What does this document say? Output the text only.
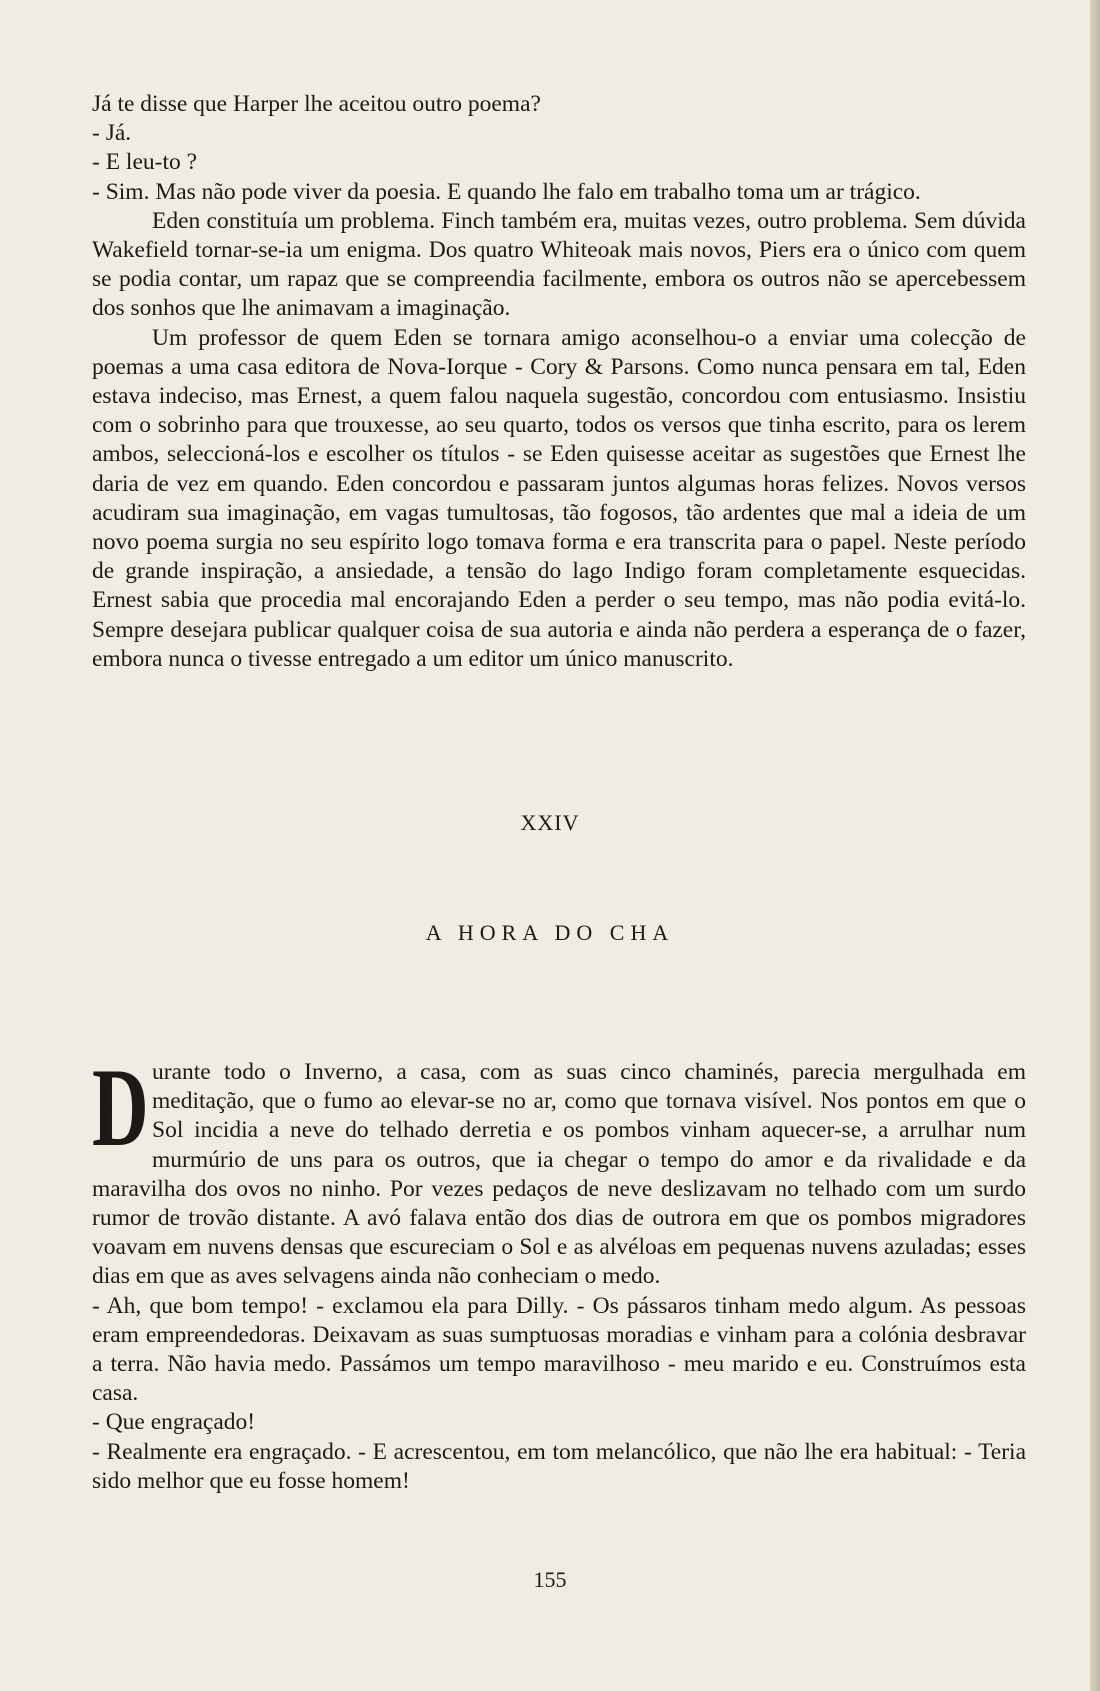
Já te disse que Harper lhe aceitou outro poema?

- Já.

- E leu-to ?

- Sim. Mas não pode viver da poesia. E quando lhe falo em trabalho toma um ar trágico.

Eden constituía um problema. Finch também era, muitas vezes, outro problema. Sem dúvida Wakefield tornar-se-ia um enigma. Dos quatro Whiteoak mais novos, Piers era o único com quem se podia contar, um rapaz que se compreendia facilmente, embora os outros não se apercebessem dos sonhos que lhe animavam a imaginação.

Um professor de quem Eden se tornara amigo aconselhou-o a enviar uma colecção de poemas a uma casa editora de Nova-Iorque - Cory & Parsons. Como nunca pensara em tal, Eden estava indeciso, mas Ernest, a quem falou naquela sugestão, concordou com entusiasmo. Insistiu com o sobrinho para que trouxesse, ao seu quarto, todos os versos que tinha escrito, para os lerem ambos, seleccioná-los e escolher os títulos - se Eden quisesse aceitar as sugestões que Ernest lhe daria de vez em quando. Eden concordou e passaram juntos algumas horas felizes. Novos versos acudiram sua imaginação, em vagas tumultosas, tão fogosos, tão ardentes que mal a ideia de um novo poema surgia no seu espírito logo tomava forma e era transcrita para o papel. Neste período de grande inspiração, a ansiedade, a tensão do lago Indigo foram completamente esquecidas. Ernest sabia que procedia mal encorajando Eden a perder o seu tempo, mas não podia evitá-lo. Sempre desejara publicar qualquer coisa de sua autoria e ainda não perdera a esperança de o fazer, embora nunca o tivesse entregado a um editor um único manuscrito.

XXIV
A HORA DO CHA

Durante todo o Inverno, a casa, com as suas cinco chaminés, parecia mergulhada em meditação, que o fumo ao elevar-se no ar, como que tornava visível. Nos pontos em que o Sol incidia a neve do telhado derretia e os pombos vinham aquecer-se, a arrulhar num murmúrio de uns para os outros, que ia chegar o tempo do amor e da rivalidade e da maravilha dos ovos no ninho. Por vezes pedaços de neve deslizavam no telhado com um surdo rumor de trovão distante. A avó falava então dos dias de outrora em que os pombos migradores voavam em nuvens densas que escureciam o Sol e as alvéloas em pequenas nuvens azuladas; esses dias em que as aves selvagens ainda não conheciam o medo.

- Ah, que bom tempo! - exclamou ela para Dilly. - Os pássaros tinham medo algum. As pessoas eram empreendedoras. Deixavam as suas sumptuosas moradias e vinham para a colónia desbravar a terra. Não havia medo. Passámos um tempo maravilhoso - meu marido e eu. Construímos esta casa.

- Que engraçado!

- Realmente era engraçado. - E acrescentou, em tom melancólico, que não lhe era habitual: - Teria sido melhor que eu fosse homem!

155
